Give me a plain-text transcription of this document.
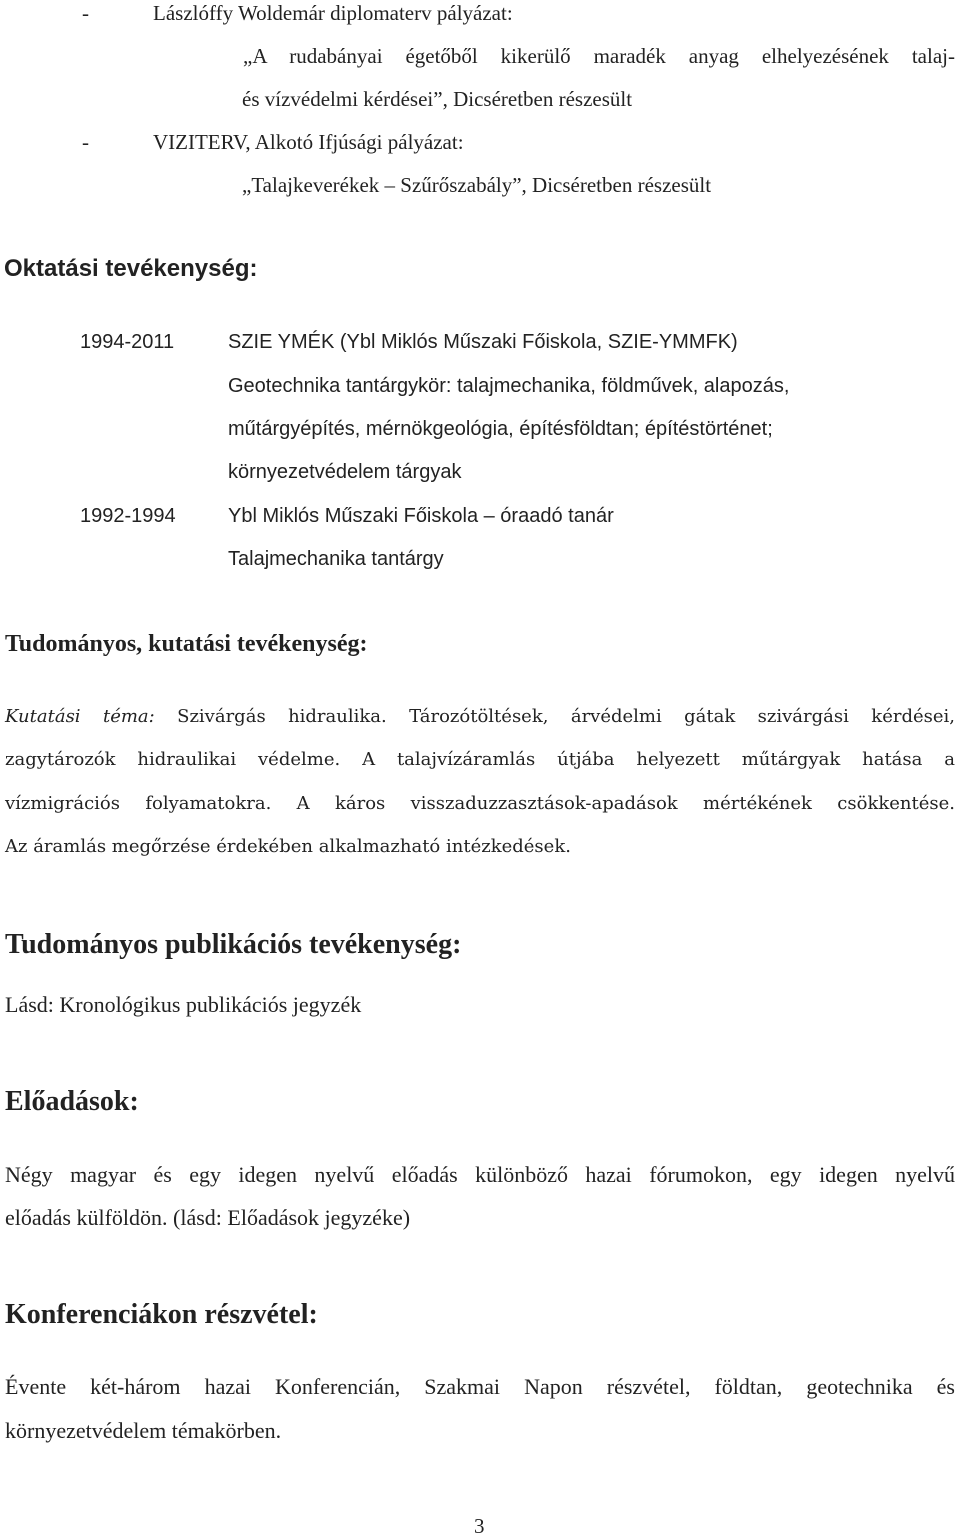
-	Lászlóffy Woldemár diplomaterv pályázat:
„A rudabányai égetőből kikerülő maradék anyag elhelyezésének talaj-
és vízvédelmi kérdései”, Dicséretben részesült
-	VIZITERV, Alkotó Ifjúsági pályázat:
„Talajkeverékek – Szűrőszabály”, Dicséretben részesült
Oktatási tevékenység:
1994-2011	SZIE YMÉK (Ybl Miklós Műszaki Főiskola, SZIE-YMMFK)
Geotechnika tantárgykör: talajmechanika, földművek, alapozás,
műtárgyépítés, mérnökgeológia, építésföldtan; építéstörténet;
környezetvédelem tárgyak
1992-1994	Ybl Miklós Műszaki Főiskola – óraadó tanár
Talajmechanika tantárgy
Tudományos, kutatási tevékenység:
Kutatási téma: Szivárgás hidraulika. Tározótöltések, árvédelmi gátak szivárgási kérdései,
zagytározók hidraulikai védelme. A talajvízáramlás útjába helyezett műtárgyak hatása a
vízmigrációs folyamatokra. A káros visszaduzzasztások-apadások mértékének csökkentése.
Az áramlás megőrzése érdekében alkalmazható intézkedések.
Tudományos publikációs tevékenység:
Lásd: Kronológikus publikációs jegyzék
Előadások:
Négy magyar és egy idegen nyelvű előadás különböző hazai fórumokon, egy idegen nyelvű
előadás külföldön. (lásd: Előadások jegyzéke)
Konferenciákon részvétel:
Évente két-három hazai Konferencián, Szakmai Napon részvétel, földtan, geotechnika és
környezetvédelem témakörben.
3
